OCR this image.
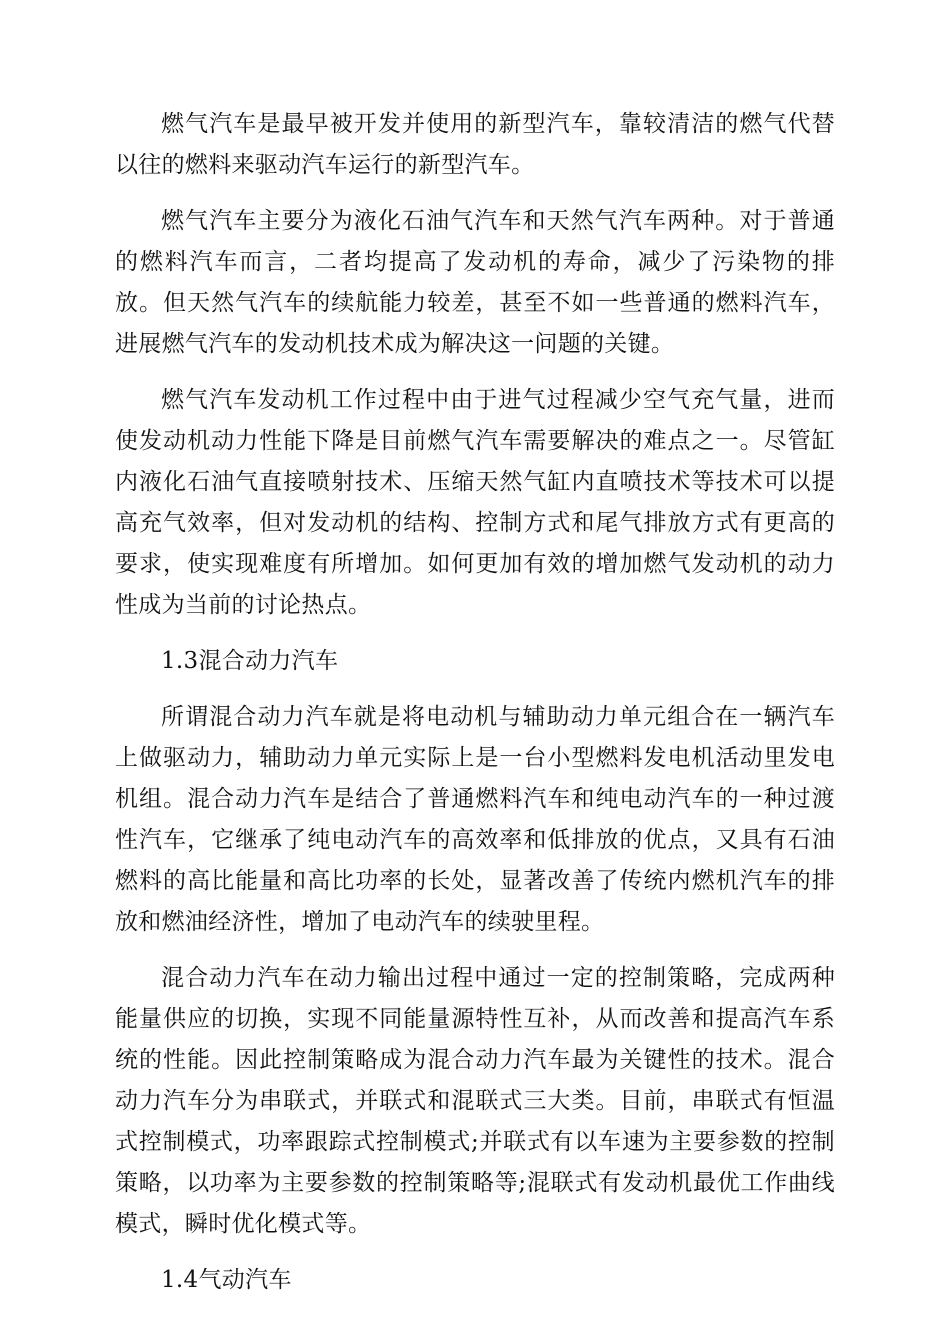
燃气汽车是最早被开发并使用的新型汽车，靠较清洁的燃气代替以往的燃料来驱动汽车运行的新型汽车。

燃气汽车主要分为液化石油气汽车和天然气汽车两种。对于普通的燃料汽车而言，二者均提高了发动机的寿命，减少了污染物的排放。但天然气汽车的续航能力较差，甚至不如一些普通的燃料汽车，进展燃气汽车的发动机技术成为解决这一问题的关键。

燃气汽车发动机工作过程中由于进气过程减少空气充气量，进而使发动机动力性能下降是目前燃气汽车需要解决的难点之一。尽管缸内液化石油气直接喷射技术、压缩天然气缸内直喷技术等技术可以提高充气效率，但对发动机的结构、控制方式和尾气排放方式有更高的要求，使实现难度有所增加。如何更加有效的增加燃气发动机的动力性成为当前的讨论热点。

1.3混合动力汽车

所谓混合动力汽车就是将电动机与辅助动力单元组合在一辆汽车上做驱动力，辅助动力单元实际上是一台小型燃料发电机活动里发电机组。混合动力汽车是结合了普通燃料汽车和纯电动汽车的一种过渡性汽车，它继承了纯电动汽车的高效率和低排放的优点，又具有石油燃料的高比能量和高比功率的长处，显著改善了传统内燃机汽车的排放和燃油经济性，增加了电动汽车的续驶里程。

混合动力汽车在动力输出过程中通过一定的控制策略，完成两种能量供应的切换，实现不同能量源特性互补，从而改善和提高汽车系统的性能。因此控制策略成为混合动力汽车最为关键性的技术。混合动力汽车分为串联式，并联式和混联式三大类。目前，串联式有恒温式控制模式，功率跟踪式控制模式;并联式有以车速为主要参数的控制策略，以功率为主要参数的控制策略等;混联式有发动机最优工作曲线模式，瞬时优化模式等。

1.4气动汽车
